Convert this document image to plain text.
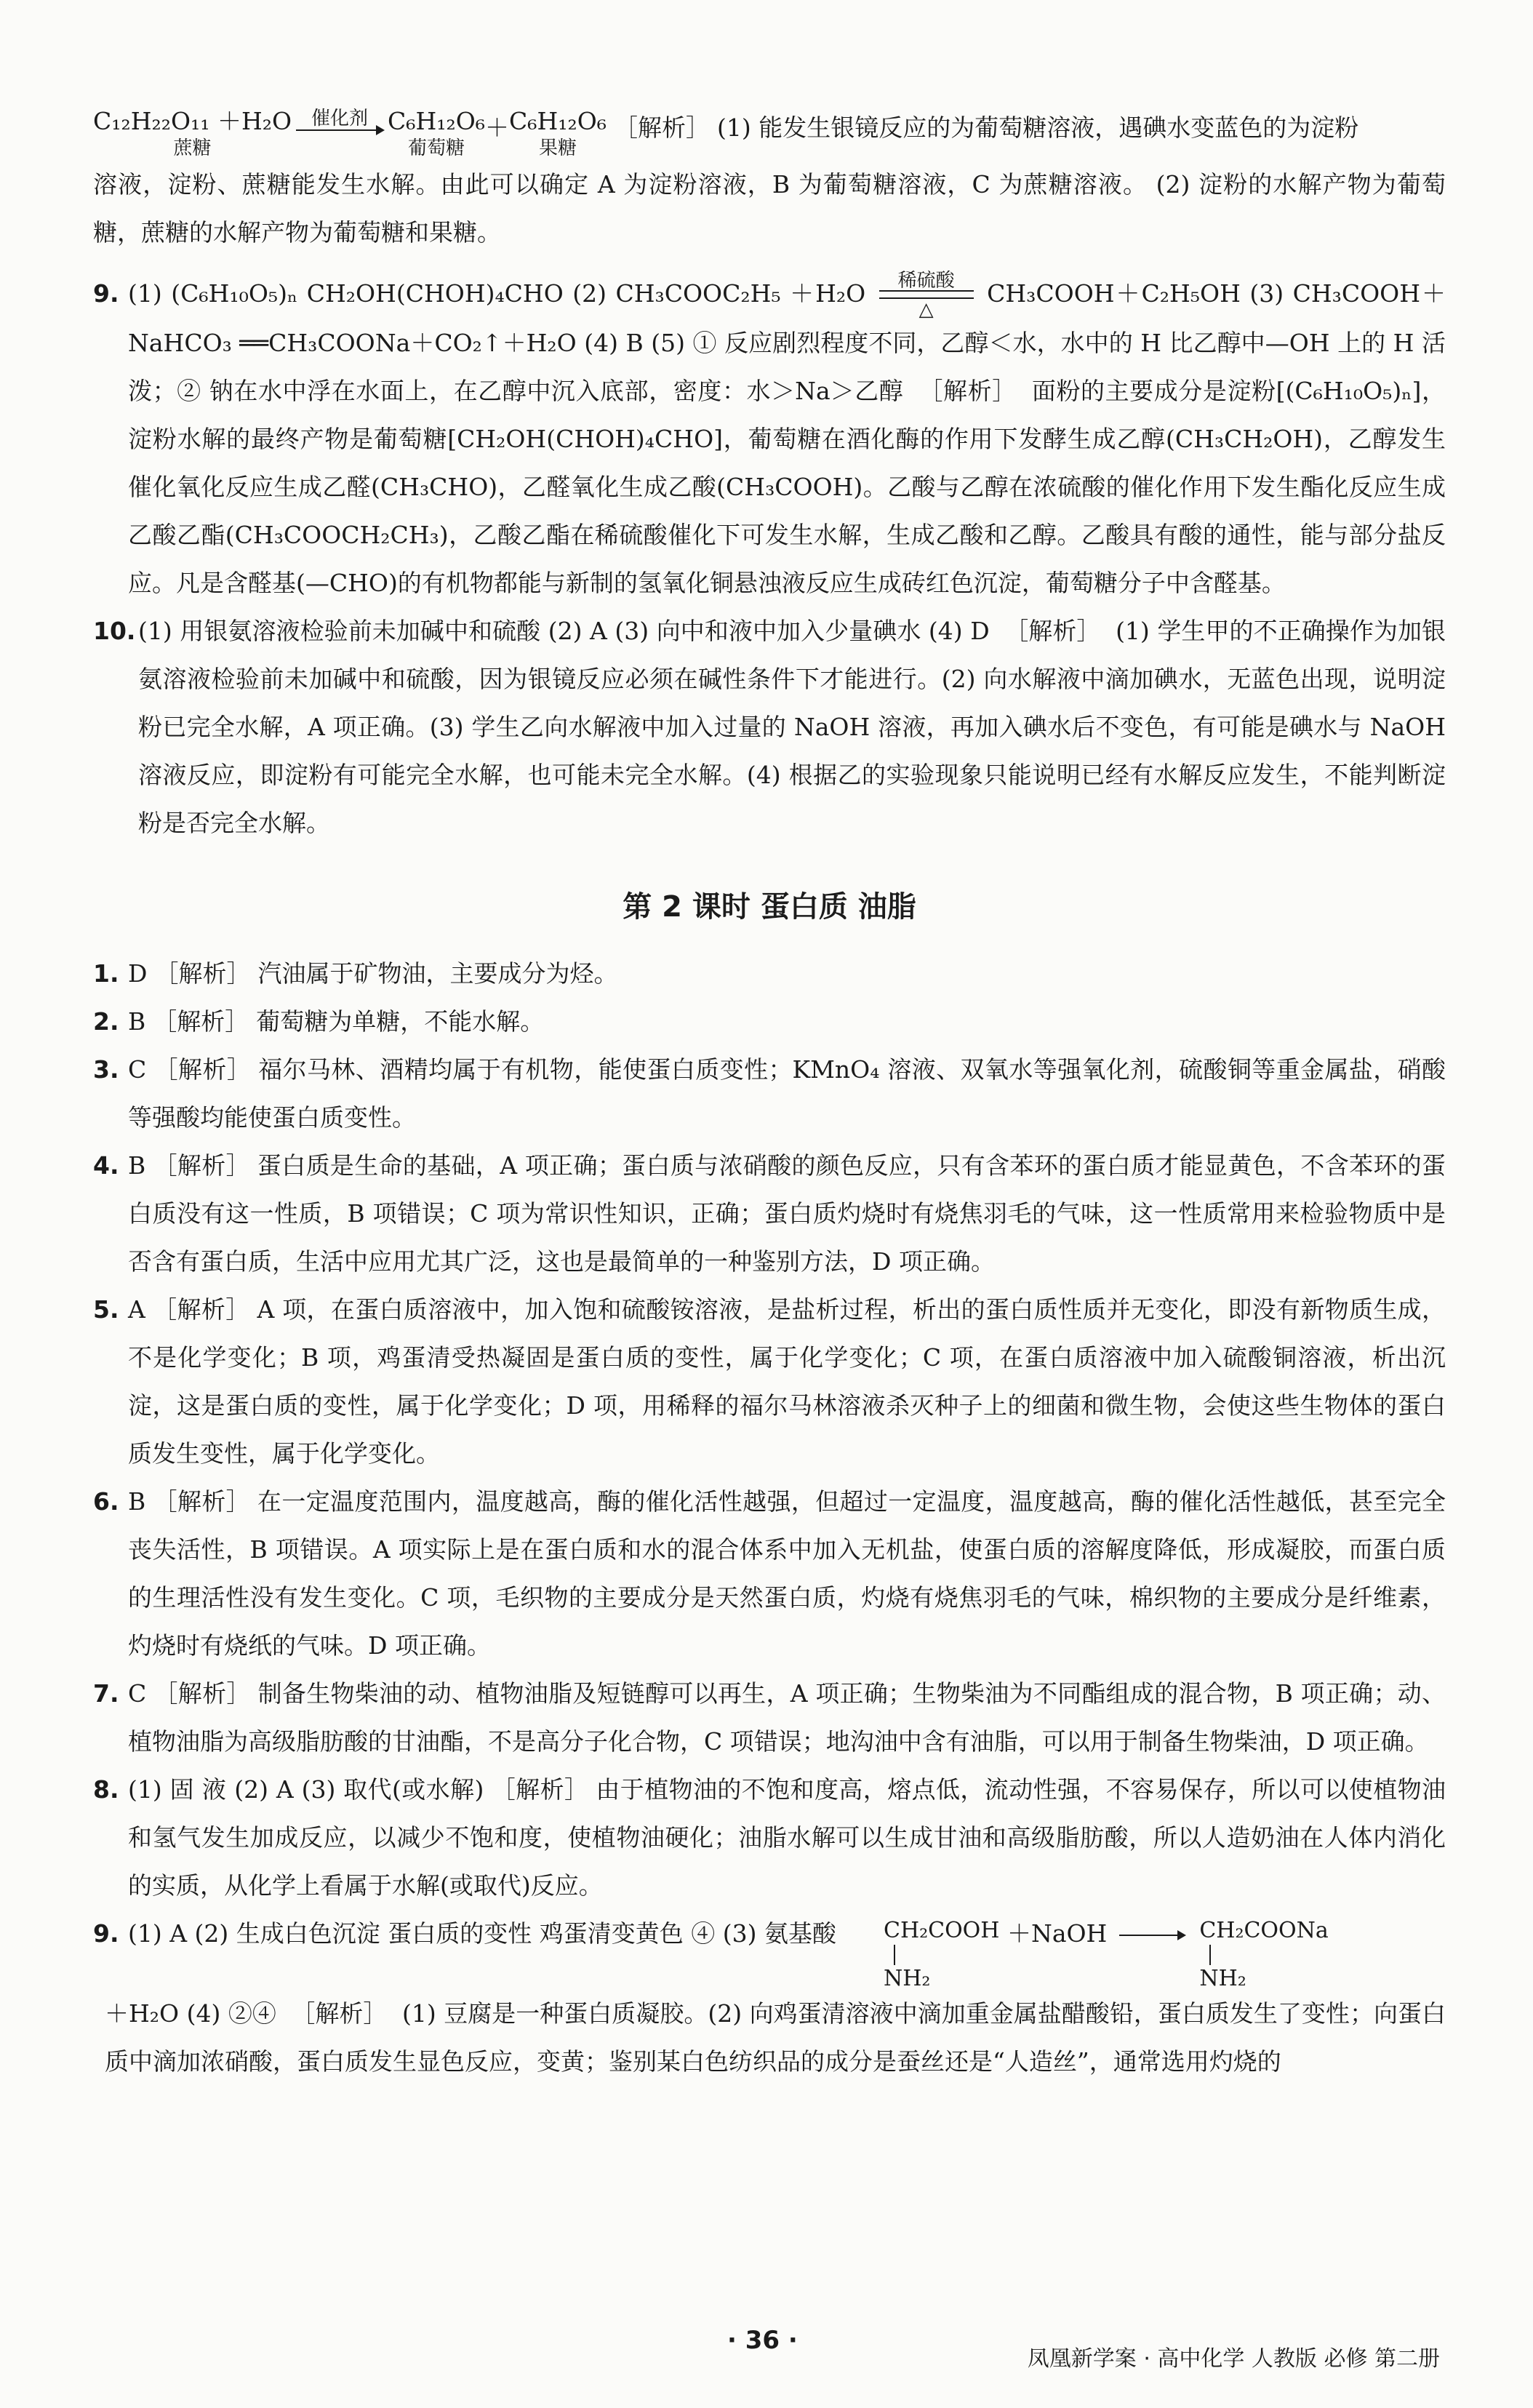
C₁₂H₂₂O₁₁ ＋H₂O
蔗糖
催化剂 C₆H₁₂O₆
葡萄糖
＋ C₆H₁₂O₆
果糖
［解析］ (1) 能发生银镜反应的为葡萄糖溶液，遇碘水变蓝色的为淀粉

溶液，淀粉、蔗糖能发生水解。由此可以确定 A 为淀粉溶液，B 为葡萄糖溶液，C 为蔗糖溶液。 (2) 淀粉的水解产物为葡萄糖，蔗糖的水解产物为葡萄糖和果糖。

9. (1) (C₆H₁₀O₅)ₙ CH₂OH(CHOH)₄CHO (2) CH₃COOC₂H₅ ＋H₂O 稀硫酸
△
CH₃COOH＋C₂H₅OH (3) CH₃COOH＋NaHCO₃ ══CH₃COONa＋CO₂↑＋H₂O (4) B (5) ① 反应剧烈程度不同，乙醇＜水，水中的 H 比乙醇中—OH 上的 H 活泼；② 钠在水中浮在水面上，在乙醇中沉入底部，密度：水＞Na＞乙醇 ［解析］ 面粉的主要成分是淀粉[(C₆H₁₀O₅)ₙ]，淀粉水解的最终产物是葡萄糖[CH₂OH(CHOH)₄CHO]，葡萄糖在酒化酶的作用下发酵生成乙醇(CH₃CH₂OH)，乙醇发生催化氧化反应生成乙醛(CH₃CHO)，乙醛氧化生成乙酸(CH₃COOH)。乙酸与乙醇在浓硫酸的催化作用下发生酯化反应生成乙酸乙酯(CH₃COOCH₂CH₃)，乙酸乙酯在稀硫酸催化下可发生水解，生成乙酸和乙醇。乙酸具有酸的通性，能与部分盐反应。凡是含醛基(—CHO)的有机物都能与新制的氢氧化铜悬浊液反应生成砖红色沉淀，葡萄糖分子中含醛基。
10. (1) 用银氨溶液检验前未加碱中和硫酸 (2) A (3) 向中和液中加入少量碘水 (4) D ［解析］ (1) 学生甲的不正确操作为加银氨溶液检验前未加碱中和硫酸，因为银镜反应必须在碱性条件下才能进行。(2) 向水解液中滴加碘水，无蓝色出现，说明淀粉已完全水解，A 项正确。(3) 学生乙向水解液中加入过量的 NaOH 溶液，再加入碘水后不变色，有可能是碘水与 NaOH 溶液反应，即淀粉有可能完全水解，也可能未完全水解。(4) 根据乙的实验现象只能说明已经有水解反应发生，不能判断淀粉是否完全水解。
第 2 课时 蛋白质 油脂
1. D ［解析］ 汽油属于矿物油，主要成分为烃。
2. B ［解析］ 葡萄糖为单糖，不能水解。
3. C ［解析］ 福尔马林、酒精均属于有机物，能使蛋白质变性；KMnO₄ 溶液、双氧水等强氧化剂，硫酸铜等重金属盐，硝酸等强酸均能使蛋白质变性。
4. B ［解析］ 蛋白质是生命的基础，A 项正确；蛋白质与浓硝酸的颜色反应，只有含苯环的蛋白质才能显黄色，不含苯环的蛋白质没有这一性质，B 项错误；C 项为常识性知识，正确；蛋白质灼烧时有烧焦羽毛的气味，这一性质常用来检验物质中是否含有蛋白质，生活中应用尤其广泛，这也是最简单的一种鉴别方法，D 项正确。
5. A ［解析］ A 项，在蛋白质溶液中，加入饱和硫酸铵溶液，是盐析过程，析出的蛋白质性质并无变化，即没有新物质生成，不是化学变化；B 项，鸡蛋清受热凝固是蛋白质的变性，属于化学变化；C 项，在蛋白质溶液中加入硫酸铜溶液，析出沉淀，这是蛋白质的变性，属于化学变化；D 项，用稀释的福尔马林溶液杀灭种子上的细菌和微生物，会使这些生物体的蛋白质发生变性，属于化学变化。
6. B ［解析］ 在一定温度范围内，温度越高，酶的催化活性越强，但超过一定温度，温度越高，酶的催化活性越低，甚至完全丧失活性，B 项错误。A 项实际上是在蛋白质和水的混合体系中加入无机盐，使蛋白质的溶解度降低，形成凝胶，而蛋白质的生理活性没有发生变化。C 项，毛织物的主要成分是天然蛋白质，灼烧有烧焦羽毛的气味，棉织物的主要成分是纤维素，灼烧时有烧纸的气味。D 项正确。
7. C ［解析］ 制备生物柴油的动、植物油脂及短链醇可以再生，A 项正确；生物柴油为不同酯组成的混合物，B 项正确；动、植物油脂为高级脂肪酸的甘油酯，不是高分子化合物，C 项错误；地沟油中含有油脂，可以用于制备生物柴油，D 项正确。
8. (1) 固 液 (2) A (3) 取代(或水解) ［解析］ 由于植物油的不饱和度高，熔点低，流动性强，不容易保存，所以可以使植物油和氢气发生加成反应，以减少不饱和度，使植物油硬化；油脂水解可以生成甘油和高级脂肪酸，所以人造奶油在人体内消化的实质，从化学上看属于水解(或取代)反应。
9. (1) A (2) 生成白色沉淀 蛋白质的变性 鸡蛋清变黄色 ④ (3) 氨基酸 CH₂COOH
NH₂
＋NaOH → CH₂COONa
NH₂
＋H₂O (4) ②④ ［解析］ (1) 豆腐是一种蛋白质凝胶。(2) 向鸡蛋清溶液中滴加重金属盐醋酸铅，蛋白质发生了变性；向蛋白质中滴加浓硝酸，蛋白质发生显色反应，变黄；鉴别某白色纺织品的成分是蚕丝还是“人造丝”，通常选用灼烧的
· 36 ·
凤凰新学案 · 高中化学 人教版 必修 第二册
